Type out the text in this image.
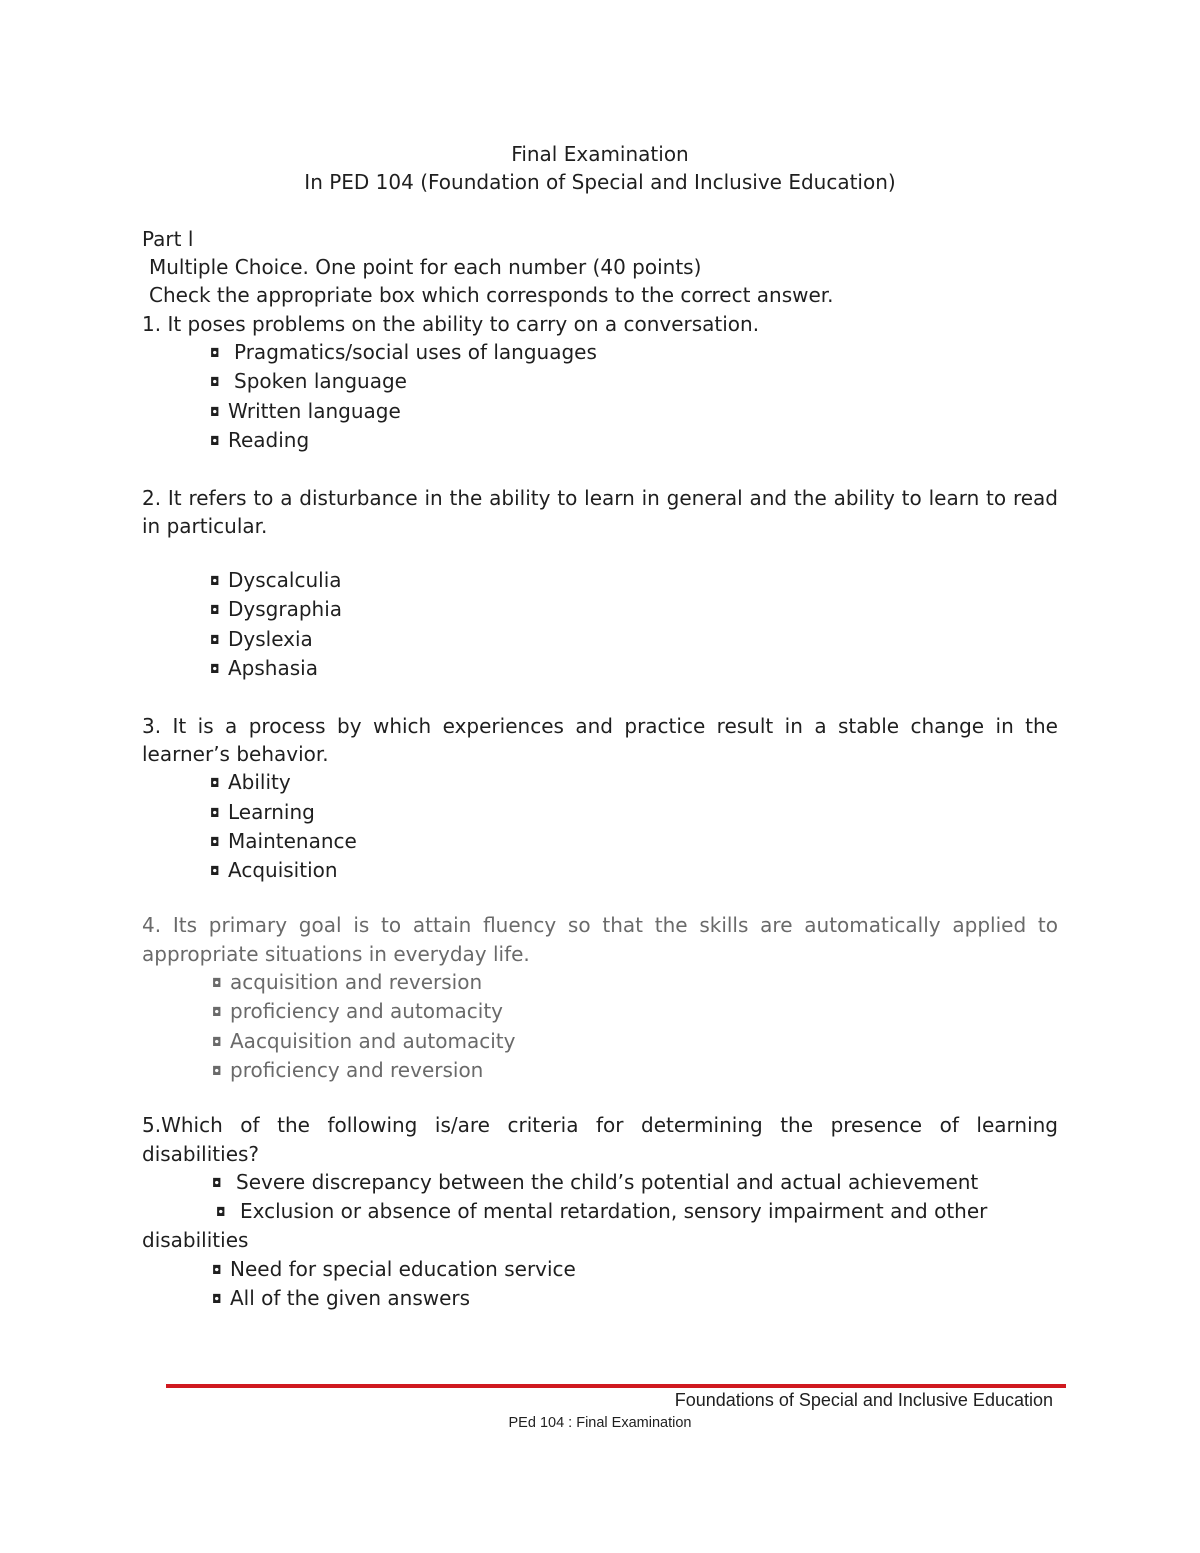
Final Examination
In PED 104 (Foundation of Special and Inclusive Education)
Part l
Multiple Choice. One point for each number (40 points)
Check the appropriate box which corresponds to the correct answer.
1. It poses problems on the ability to carry on a conversation.
◘ Pragmatics/social uses of languages
◘ Spoken language
◘ Written language
◘ Reading
2. It refers to a disturbance in the ability to learn in general and the ability to learn to read in particular.
◘ Dyscalculia
◘ Dysgraphia
◘ Dyslexia
◘ Apshasia
3. It is a process by which experiences and practice result in a stable change in the learner’s behavior.
◘ Ability
◘ Learning
◘ Maintenance
◘ Acquisition
4. Its primary goal is to attain fluency so that the skills are automatically applied to appropriate situations in everyday life.
◘ acquisition and reversion
◘ proficiency and automacity
◘ Aacquisition and automacity
◘ proficiency and reversion
5.Which of the following is/are criteria for determining the presence of learning
disabilities?
◘ Severe discrepancy between the child’s potential and actual achievement
◘ Exclusion or absence of mental retardation, sensory impairment and other
disabilities
◘ Need for special education service
◘ All of the given answers
Foundations of Special and Inclusive Education
PEd 104 : Final Examination
